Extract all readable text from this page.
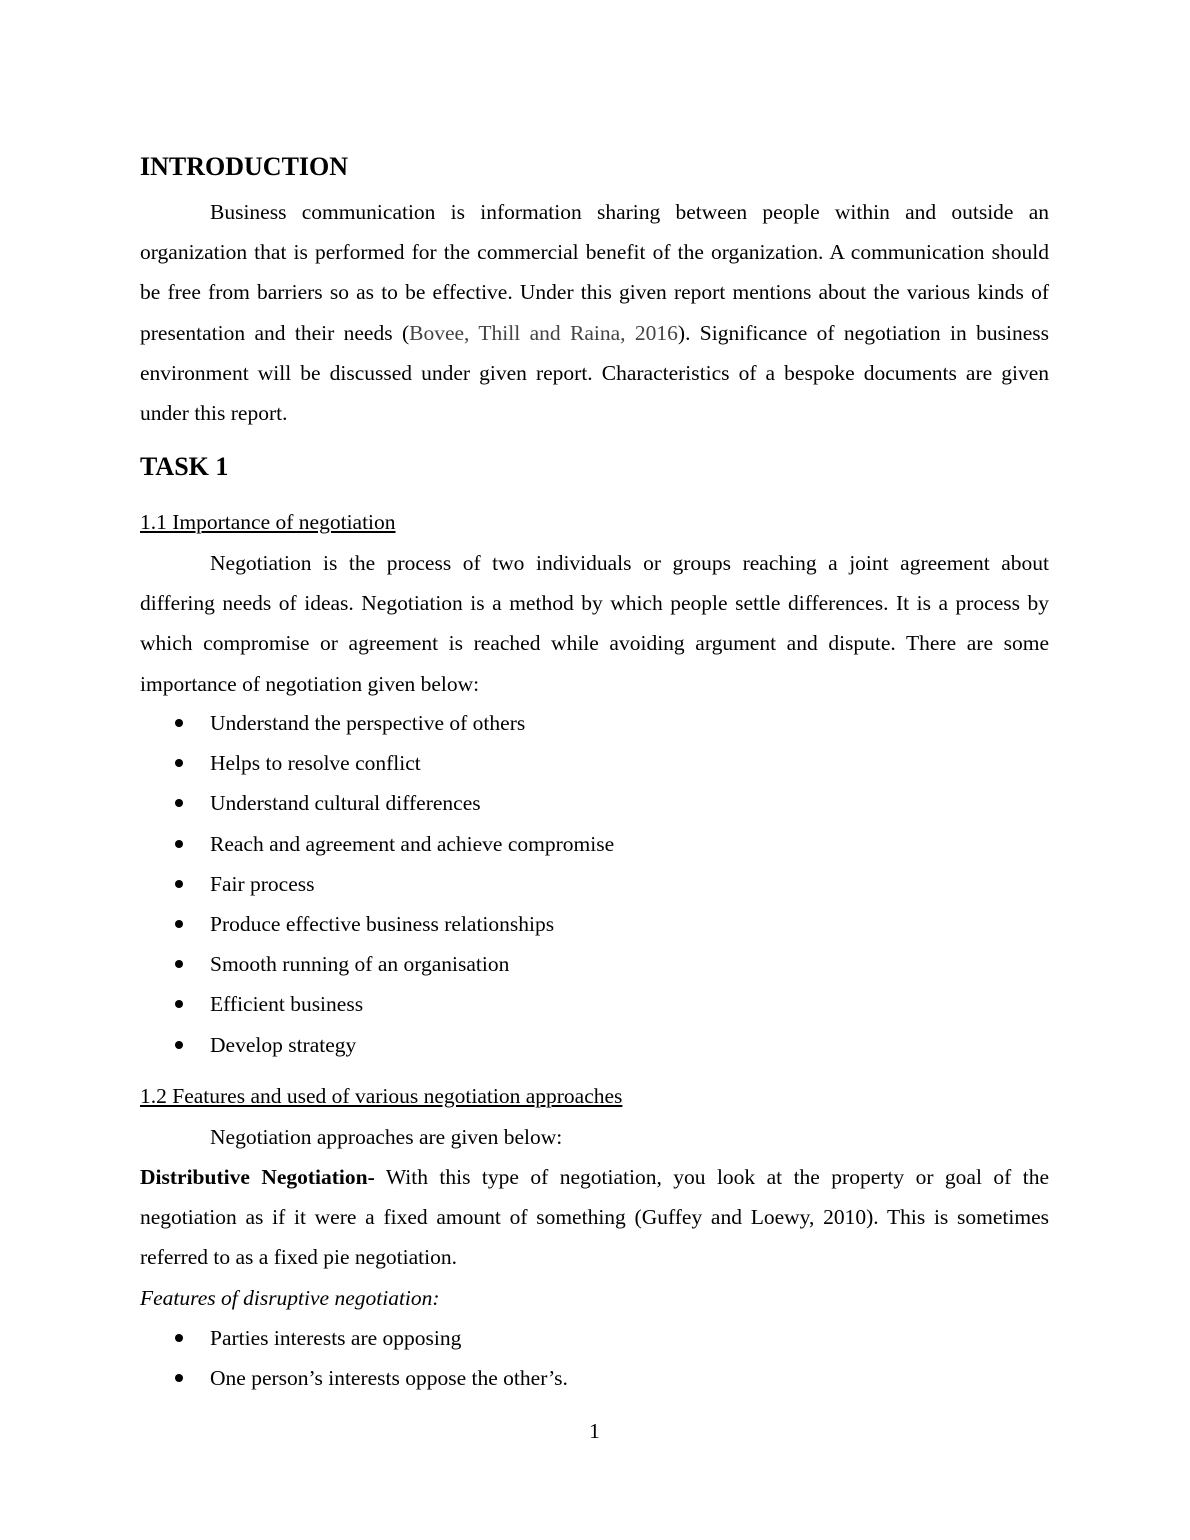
INTRODUCTION

Business communication is information sharing between people within and outside an organization that is performed for the commercial benefit of the organization. A communication should be free from barriers so as to be effective. Under this given report mentions about the various kinds of presentation and their needs (Bovee, Thill and Raina, 2016). Significance of negotiation in business environment will be discussed under given report. Characteristics of a bespoke documents are given under this report.

TASK 1

1.1 Importance of negotiation

Negotiation is the process of two individuals or groups reaching a joint agreement about differing needs of ideas. Negotiation is a method by which people settle differences. It is a process by which compromise or agreement is reached while avoiding argument and dispute. There are some importance of negotiation given below:

Understand the perspective of others
Helps to resolve conflict
Understand cultural differences
Reach and agreement and achieve compromise
Fair process
Produce effective business relationships
Smooth running of an organisation
Efficient business
Develop strategy

1.2 Features and used of various negotiation approaches

Negotiation approaches are given below:

Distributive Negotiation- With this type of negotiation, you look at the property or goal of the negotiation as if it were a fixed amount of something (Guffey and Loewy, 2010). This is sometimes referred to as a fixed pie negotiation.

Features of disruptive negotiation:

Parties interests are opposing
One person’s interests oppose the other’s.

1
